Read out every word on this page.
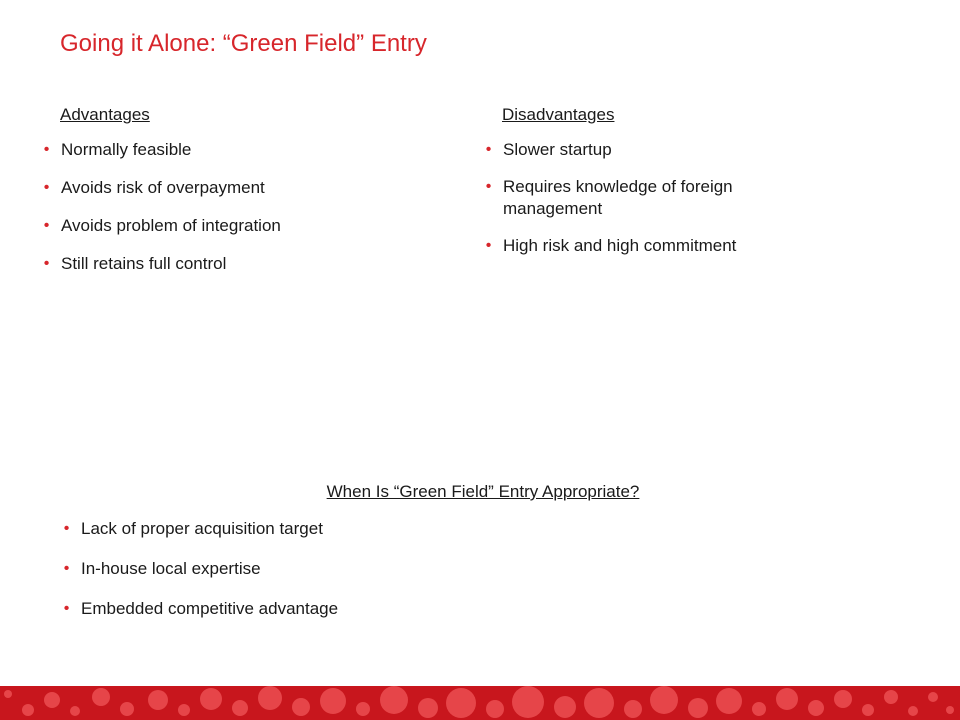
Going it Alone: “Green Field” Entry
Advantages
• Normally feasible
• Avoids risk of overpayment
• Avoids problem of integration
• Still retains full control
Disadvantages
• Slower startup
• Requires knowledge of foreign management
• High risk and high commitment
When Is “Green Field” Entry Appropriate?
• Lack of proper acquisition target
• In-house local expertise
• Embedded competitive advantage
